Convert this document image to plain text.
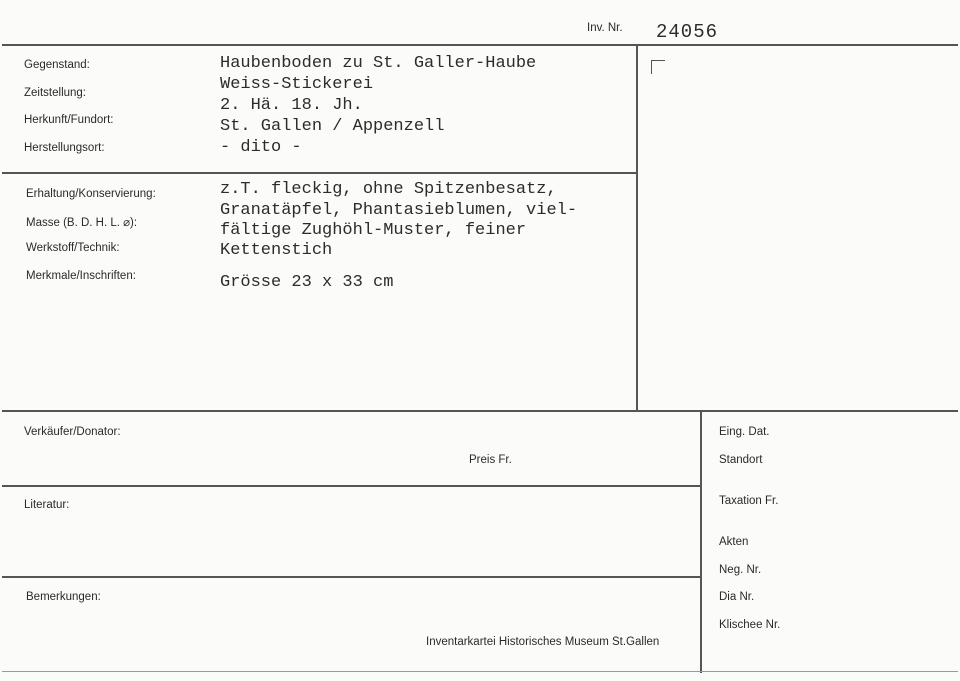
Inv. Nr. 24056
Gegenstand:
Zeitstellung:
Herkunft/Fundort:
Herstellungsort:
Haubenboden zu St. Galler-Haube
Weiss-Stickerei
2. Hä. 18. Jh.
St. Gallen / Appenzell
- dito -
Erhaltung/Konservierung:
Masse (B. D. H. L. ⌀):
Werkstoff/Technik:
Merkmale/Inschriften:
z.T. fleckig, ohne Spitzenbesatz,
Granatäpfel, Phantasieblumen, viel-
fältige Zughöhl-Muster, feiner
Kettenstich
Grösse 23 x 33 cm
Verkäufer/Donator:
Preis Fr.
Literatur:
Bemerkungen:
Inventarkartei Historisches Museum St.Gallen
Eing. Dat.
Standort
Taxation Fr.
Akten
Neg. Nr.
Dia Nr.
Klischee Nr.
